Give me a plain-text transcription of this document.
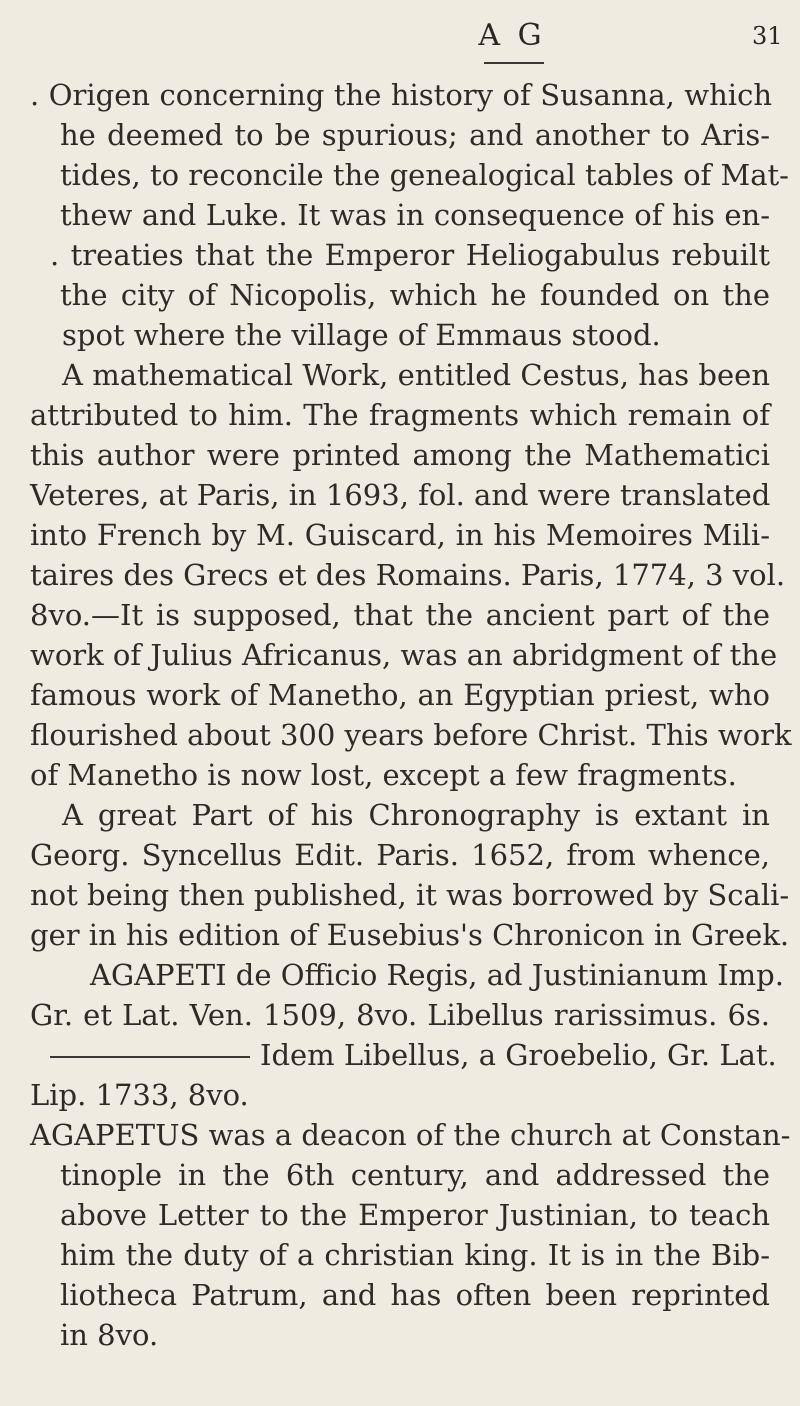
A G	31
. Origen concerning the history of Susanna, which
he deemed to be spurious; and another to Aris-
tides, to reconcile the genealogical tables of Mat-
thew and Luke. It was in consequence of his en-
. treaties that the Emperor Heliogabulus rebuilt
the city of Nicopolis, which he founded on the
spot where the village of Emmaus stood.
A mathematical Work, entitled Cestus, has been
attributed to him. The fragments which remain of
this author were printed among the Mathematici
Veteres, at Paris, in 1693, fol. and were translated
into French by M. Guiscard, in his Memoires Mili-
taires des Grecs et des Romains. Paris, 1774, 3 vol.
8vo.—It is supposed, that the ancient part of the
work of Julius Africanus, was an abridgment of the
famous work of Manetho, an Egyptian priest, who
flourished about 300 years before Christ. This work
of Manetho is now lost, except a few fragments.
A great Part of his Chronography is extant in
Georg. Syncellus Edit. Paris. 1652, from whence,
not being then published, it was borrowed by Scali-
ger in his edition of Eusebius's Chronicon in Greek.
AGAPETI de Officio Regis, ad Justinianum Imp.
Gr. et Lat. Ven. 1509, 8vo. Libellus rarissimus. 6s.
Idem Libellus, a Groebelio, Gr. Lat.
Lip. 1733, 8vo.
AGAPETUS was a deacon of the church at Constan-
tinople in the 6th century, and addressed the
above Letter to the Emperor Justinian, to teach
him the duty of a christian king. It is in the Bib-
liotheca Patrum, and has often been reprinted
in 8vo.
